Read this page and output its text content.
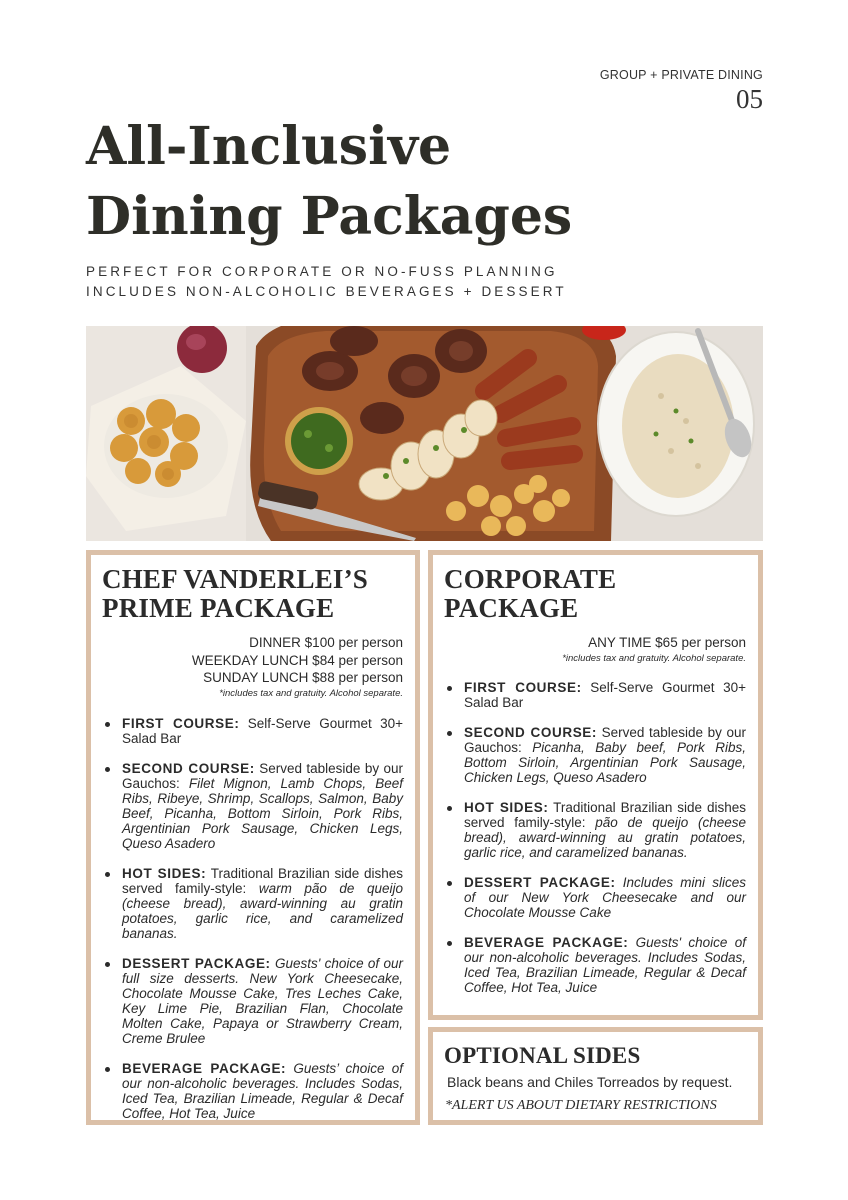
GROUP + PRIVATE DINING
05
All-Inclusive
Dining Packages
PERFECT FOR CORPORATE OR NO-FUSS PLANNING
INCLUDES NON-ALCOHOLIC BEVERAGES + DESSERT
CHEF VANDERLEI’S
PRIME PACKAGE
DINNER $100 per person
WEEKDAY LUNCH $84 per person
SUNDAY LUNCH $88 per person
*includes tax and gratuity. Alcohol separate.
FIRST COURSE: Self-Serve Gourmet 30+ Salad Bar
SECOND COURSE: Served tableside by our Gauchos: Filet Mignon, Lamb Chops, Beef Ribs, Ribeye, Shrimp, Scallops, Salmon, Baby Beef, Picanha, Bottom Sirloin, Pork Ribs, Argentinian Pork Sausage, Chicken Legs, Queso Asadero
HOT SIDES: Traditional Brazilian side dishes served family-style: warm pão de queijo (cheese bread), award-winning au gratin potatoes, garlic rice, and caramelized bananas.
DESSERT PACKAGE: Guests' choice of our full size desserts. New York Cheesecake, Chocolate Mousse Cake, Tres Leches Cake, Key Lime Pie, Brazilian Flan, Chocolate Molten Cake, Papaya or Strawberry Cream, Creme Brulee
BEVERAGE PACKAGE: Guests’ choice of our non-alcoholic beverages. Includes Sodas, Iced Tea, Brazilian Limeade, Regular & Decaf Coffee, Hot Tea, Juice
CORPORATE
PACKAGE
ANY TIME $65 per person
*includes tax and gratuity. Alcohol separate.
FIRST COURSE: Self-Serve Gourmet 30+ Salad Bar
SECOND COURSE: Served tableside by our Gauchos: Picanha, Baby beef, Pork Ribs, Bottom Sirloin, Argentinian Pork Sausage, Chicken Legs, Queso Asadero
HOT SIDES: Traditional Brazilian side dishes served family-style: pão de queijo (cheese bread), award-winning au gratin potatoes, garlic rice, and caramelized bananas.
DESSERT PACKAGE: Includes mini slices of our New York Cheesecake and our Chocolate Mousse Cake
BEVERAGE PACKAGE: Guests' choice of our non-alcoholic beverages. Includes Sodas, Iced Tea, Brazilian Limeade, Regular & Decaf Coffee, Hot Tea, Juice
OPTIONAL SIDES
Black beans and Chiles Torreados by request.
*ALERT US ABOUT DIETARY RESTRICTIONS
